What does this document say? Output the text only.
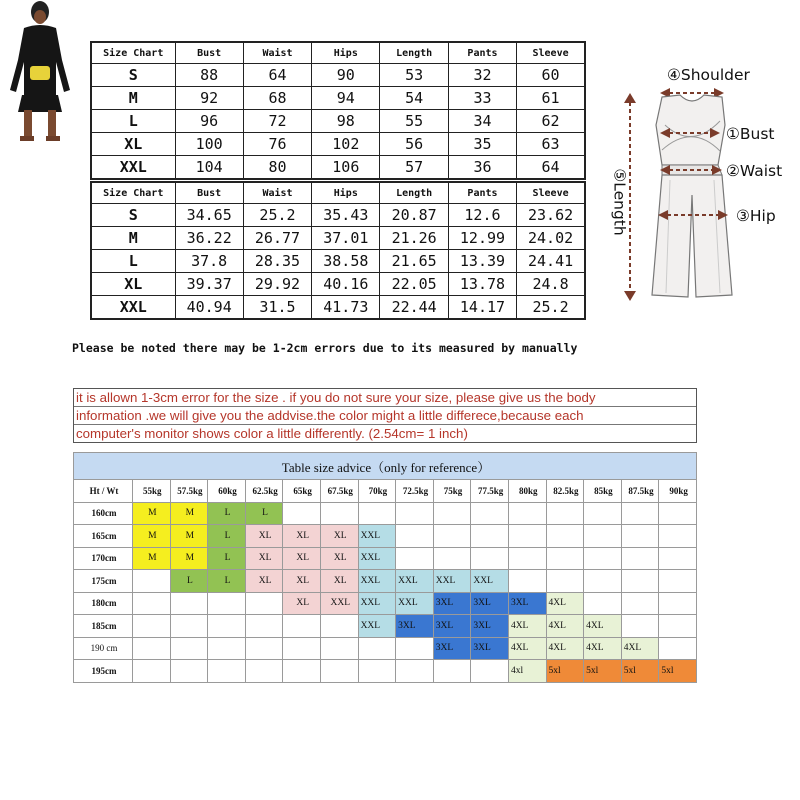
Size Chart	Bust	Waist	Hips	Length	Pants	Sleeve
S	88	64	90	53	32	60
M	92	68	94	54	33	61
L	96	72	98	55	34	62
XL	100	76	102	56	35	63
XXL	104	80	106	57	36	64
Size Chart	Bust	Waist	Hips	Length	Pants	Sleeve
S	34.65	25.2	35.43	20.87	12.6	23.62
M	36.22	26.77	37.01	21.26	12.99	24.02
L	37.8	28.35	38.58	21.65	13.39	24.41
XL	39.37	29.92	40.16	22.05	13.78	24.8
XXL	40.94	31.5	41.73	22.44	14.17	25.2
④Shoulder
①Bust
②Waist
③Hip
⑤Length
Please be noted there may be 1-2cm errors due to its measured by manually
it is allown 1-3cm error for the size . if you do not sure your size, please give us the body
information .we will give you the addvise.the color might a little differece,because each
computer's monitor shows color a little differently. (2.54cm= 1 inch)
Table size advice（only for reference）															
Ht / Wt	55kg	57.5kg	60kg	62.5kg	65kg	67.5kg	70kg	72.5kg	75kg	77.5kg	80kg	82.5kg	85kg	87.5kg	90kg
160cm	M	M	L	L											
165cm	M	M	L	XL	XL	XL	XXL								
170cm	M	M	L	XL	XL	XL	XXL								
175cm		L	L	XL	XL	XL	XXL	XXL	XXL	XXL					
180cm					XL	XXL	XXL	XXL	3XL	3XL	3XL	4XL			
185cm							XXL	3XL	3XL	3XL	4XL	4XL	4XL		
190 cm									3XL	3XL	4XL	4XL	4XL	4XL	
195cm											4xl	5xl	5xl	5xl	5xl
